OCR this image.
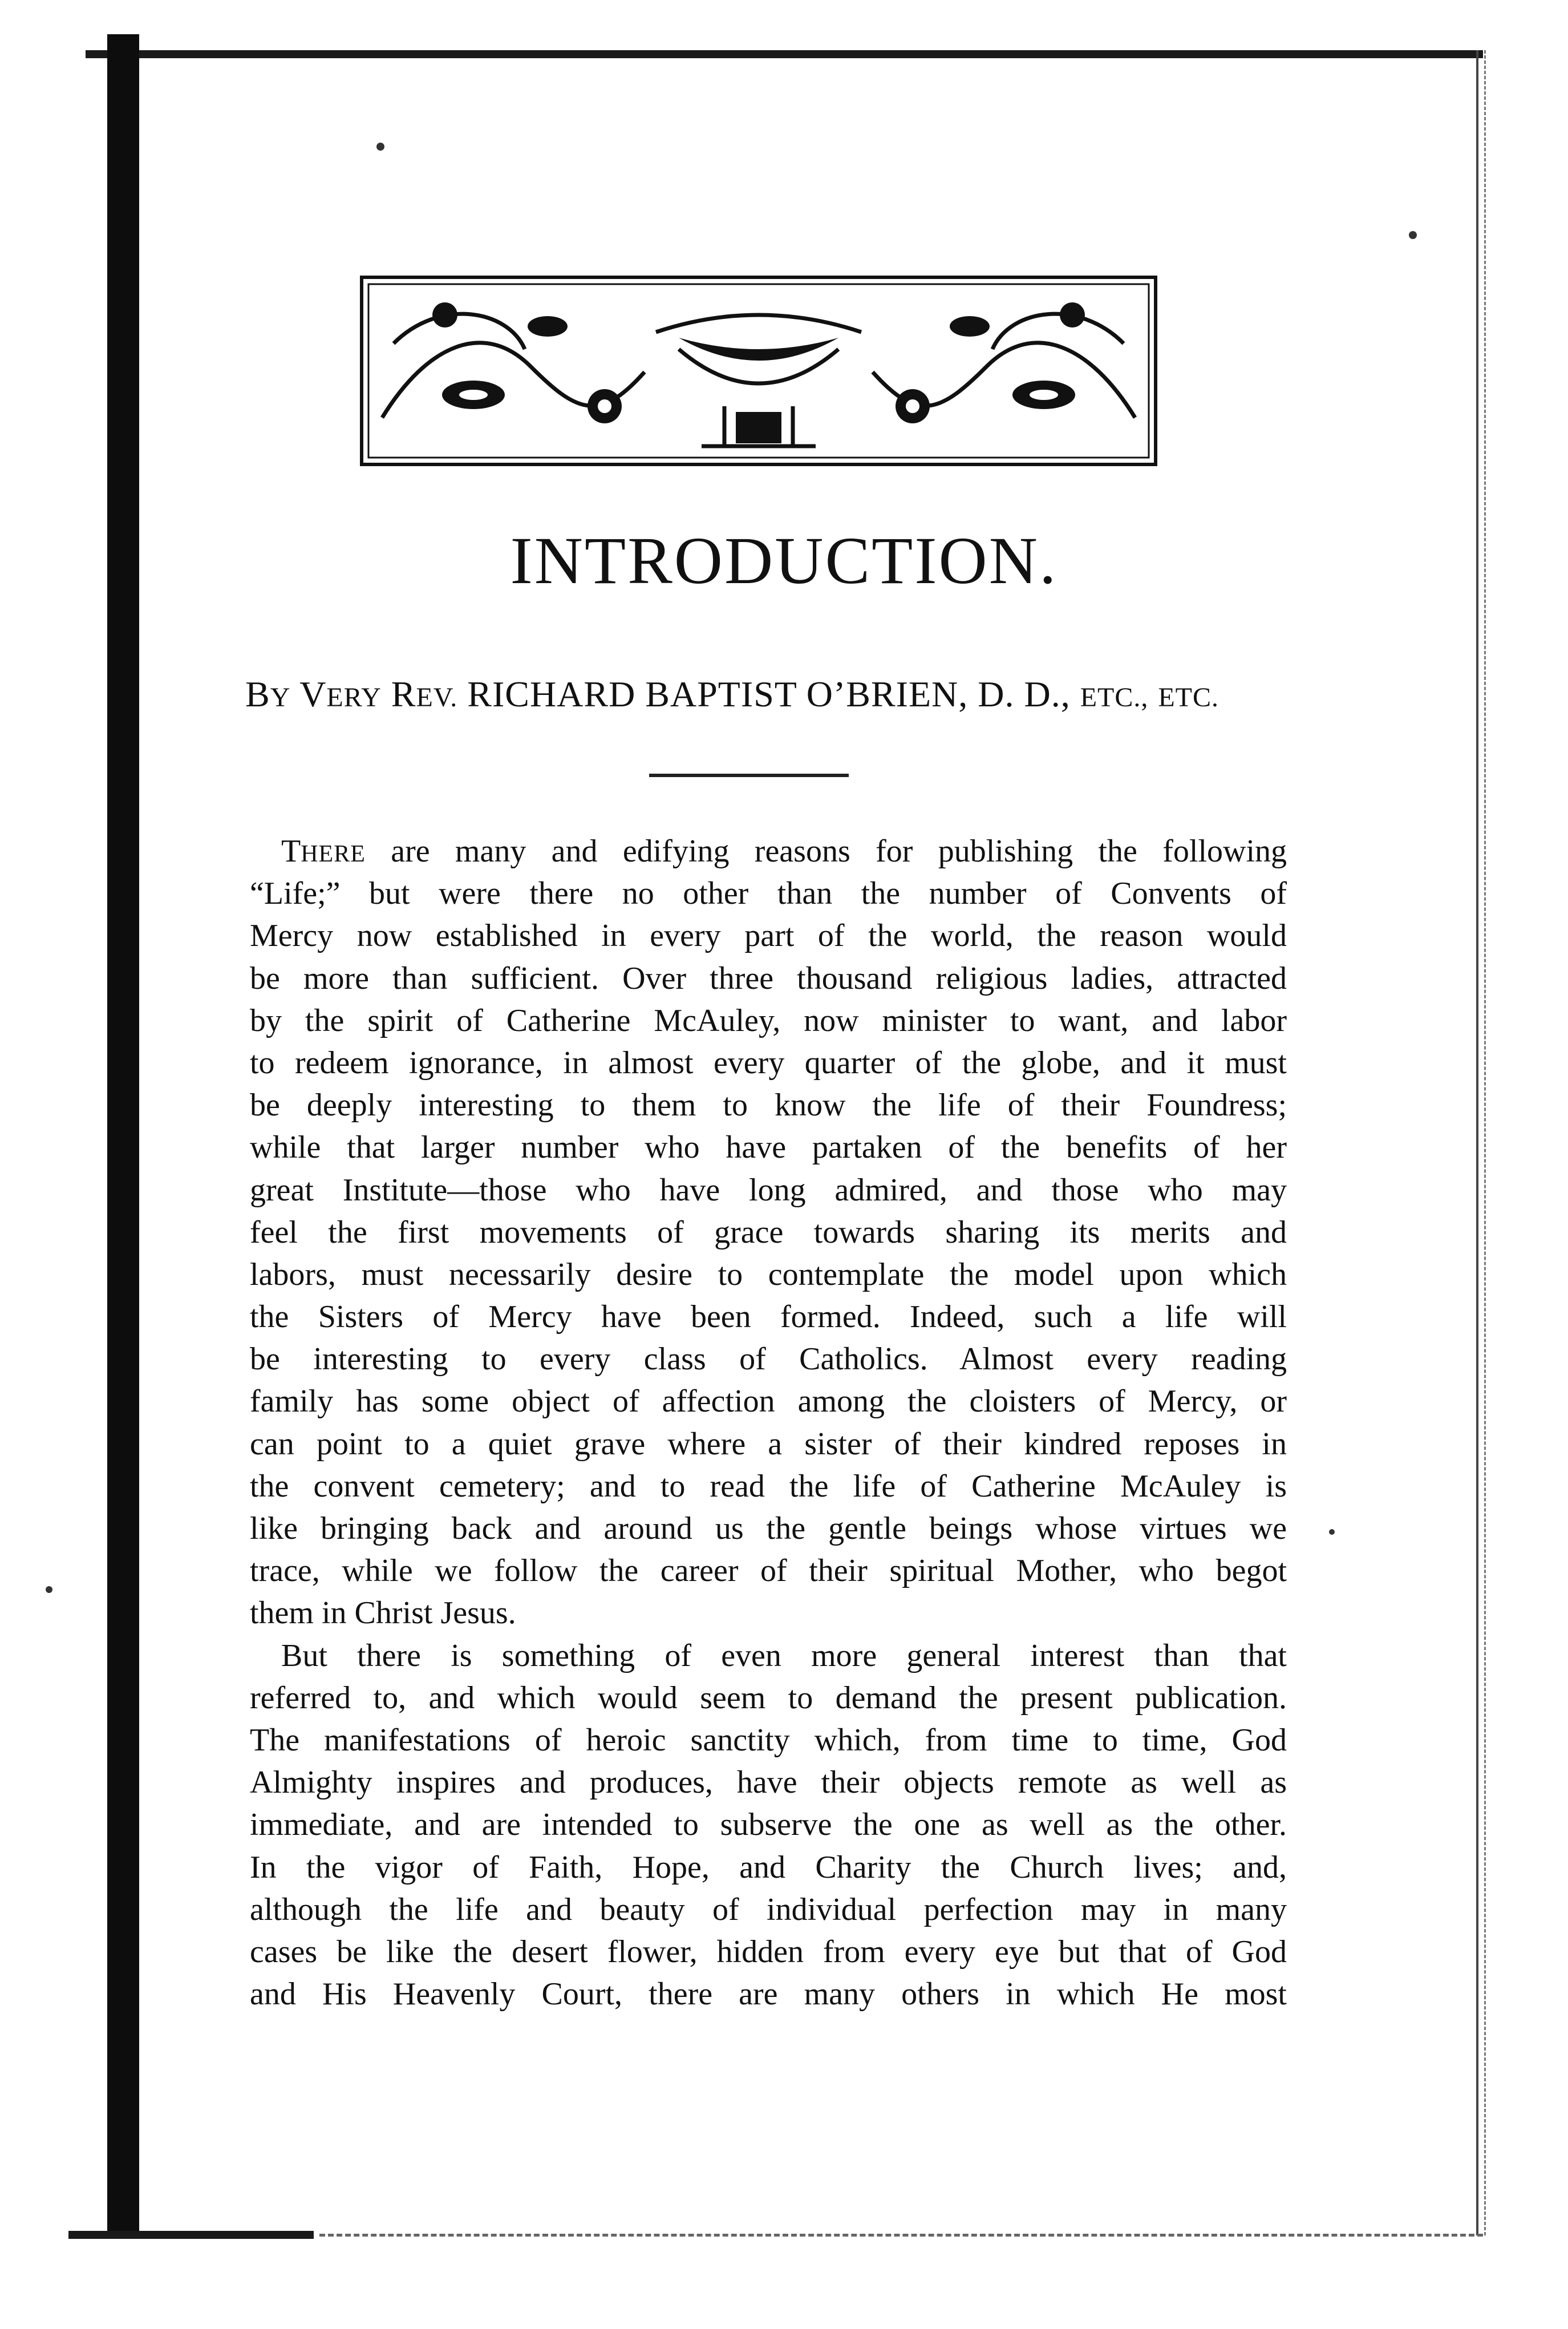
INTRODUCTION.
BY VERY REV. RICHARD BAPTIST O’BRIEN, D. D., ETC., ETC.
THERE are many and edifying reasons for publishing the following
“Life;” but were there no other than the number of Convents of
Mercy now established in every part of the world, the reason would
be more than sufficient. Over three thousand religious ladies, attracted
by the spirit of Catherine McAuley, now minister to want, and labor
to redeem ignorance, in almost every quarter of the globe, and it must
be deeply interesting to them to know the life of their Foundress;
while that larger number who have partaken of the benefits of her
great Institute—those who have long admired, and those who may
feel the first movements of grace towards sharing its merits and
labors, must necessarily desire to contemplate the model upon which
the Sisters of Mercy have been formed. Indeed, such a life will
be interesting to every class of Catholics. Almost every reading
family has some object of affection among the cloisters of Mercy, or
can point to a quiet grave where a sister of their kindred reposes in
the convent cemetery; and to read the life of Catherine McAuley is
like bringing back and around us the gentle beings whose virtues we
trace, while we follow the career of their spiritual Mother, who begot
them in Christ Jesus.
But there is something of even more general interest than that
referred to, and which would seem to demand the present publication.
The manifestations of heroic sanctity which, from time to time, God
Almighty inspires and produces, have their objects remote as well as
immediate, and are intended to subserve the one as well as the other.
In the vigor of Faith, Hope, and Charity the Church lives; and,
although the life and beauty of individual perfection may in many
cases be like the desert flower, hidden from every eye but that of God
and His Heavenly Court, there are many others in which He most
